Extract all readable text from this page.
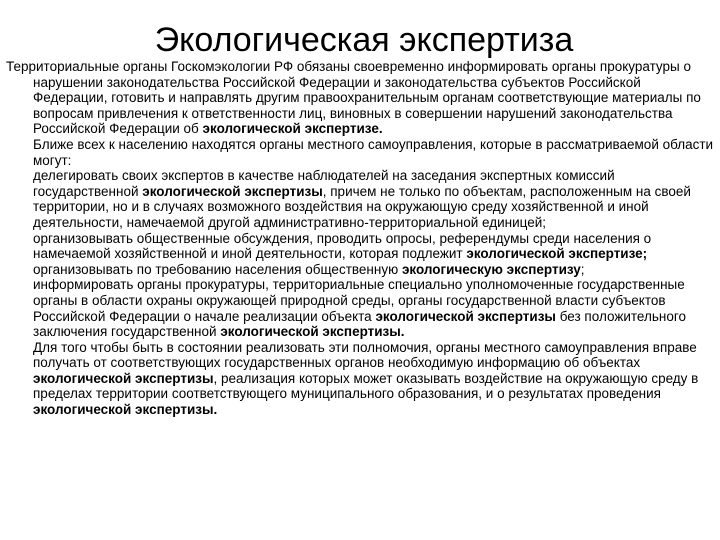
Экологическая экспертиза

Территориальные органы Госкомэкологии РФ обязаны своевременно информировать органы прокуратуры о нарушении законодательства Российской Федерации и законодательства субъектов Российской Федерации, готовить и направлять другим правоохранительным органам соответствующие материалы по вопросам привлечения к ответственности лиц, виновных в совершении нарушений законодательства Российской Федерации об экологической экспертизе.

Ближе всех к населению находятся органы местного самоуправления, которые в рассматриваемой области могут:

делегировать своих экспертов в качестве наблюдателей на заседания экспертных комиссий государственной экологической экспертизы, причем не только по объектам, расположенным на своей территории, но и в случаях возможного воздействия на окружающую среду хозяйственной и иной деятельности, намечаемой другой административно-территориальной единицей;

организовывать общественные обсуждения, проводить опросы, референдумы среди населения о намечаемой хозяйственной и иной деятельности, которая подлежит экологической экспертизе;

организовывать по требованию населения общественную экологическую экспертизу;

информировать органы прокуратуры, территориальные специально уполномоченные государственные органы в области охраны окружающей природной среды, органы государственной власти субъектов Российской Федерации о начале реализации объекта экологической экспертизы без положительного заключения государственной экологической экспертизы.

Для того чтобы быть в состоянии реализовать эти полномочия, органы местного самоуправления вправе получать от соответствующих государственных органов необходимую информацию об объектах экологической экспертизы, реализация которых может оказывать воздействие на окружающую среду в пределах территории соответствующего муниципального образования, и о результатах проведения экологической экспертизы.
